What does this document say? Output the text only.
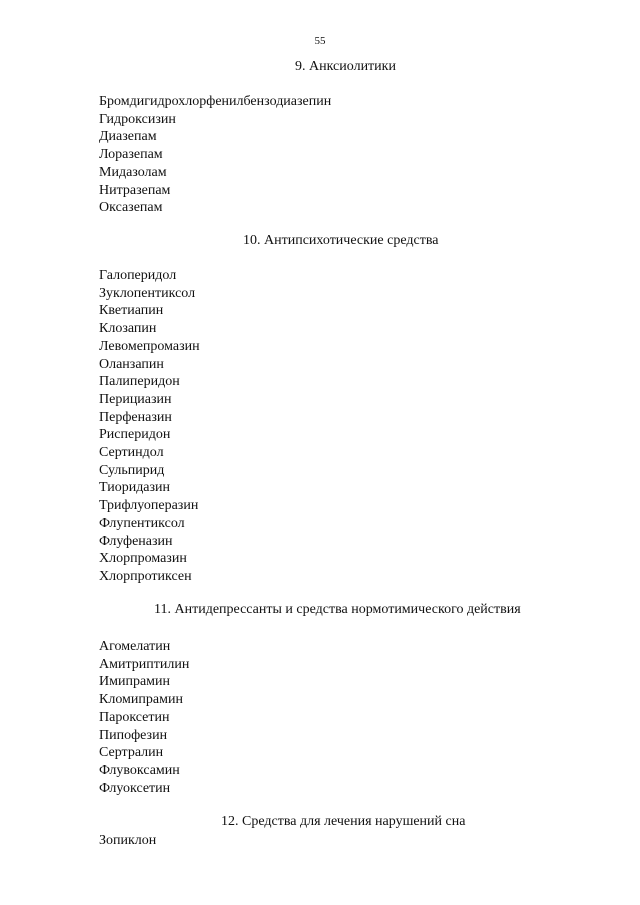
55
9. Анксиолитики
Бромдигидрохлорфенилбензодиазепин
Гидроксизин
Диазепам
Лоразепам
Мидазолам
Нитразепам
Оксазепам
10. Антипсихотические средства
Галоперидол
Зуклопентиксол
Кветиапин
Клозапин
Левомепромазин
Оланзапин
Палиперидон
Перициазин
Перфеназин
Рисперидон
Сертиндол
Сульпирид
Тиоридазин
Трифлуоперазин
Флупентиксол
Флуфеназин
Хлорпромазин
Хлорпротиксен
11. Антидепрессанты и средства нормотимического действия
Агомелатин
Амитриптилин
Имипрамин
Кломипрамин
Пароксетин
Пипофезин
Сертралин
Флувоксамин
Флуоксетин
12. Средства для лечения нарушений сна
Зопиклон
